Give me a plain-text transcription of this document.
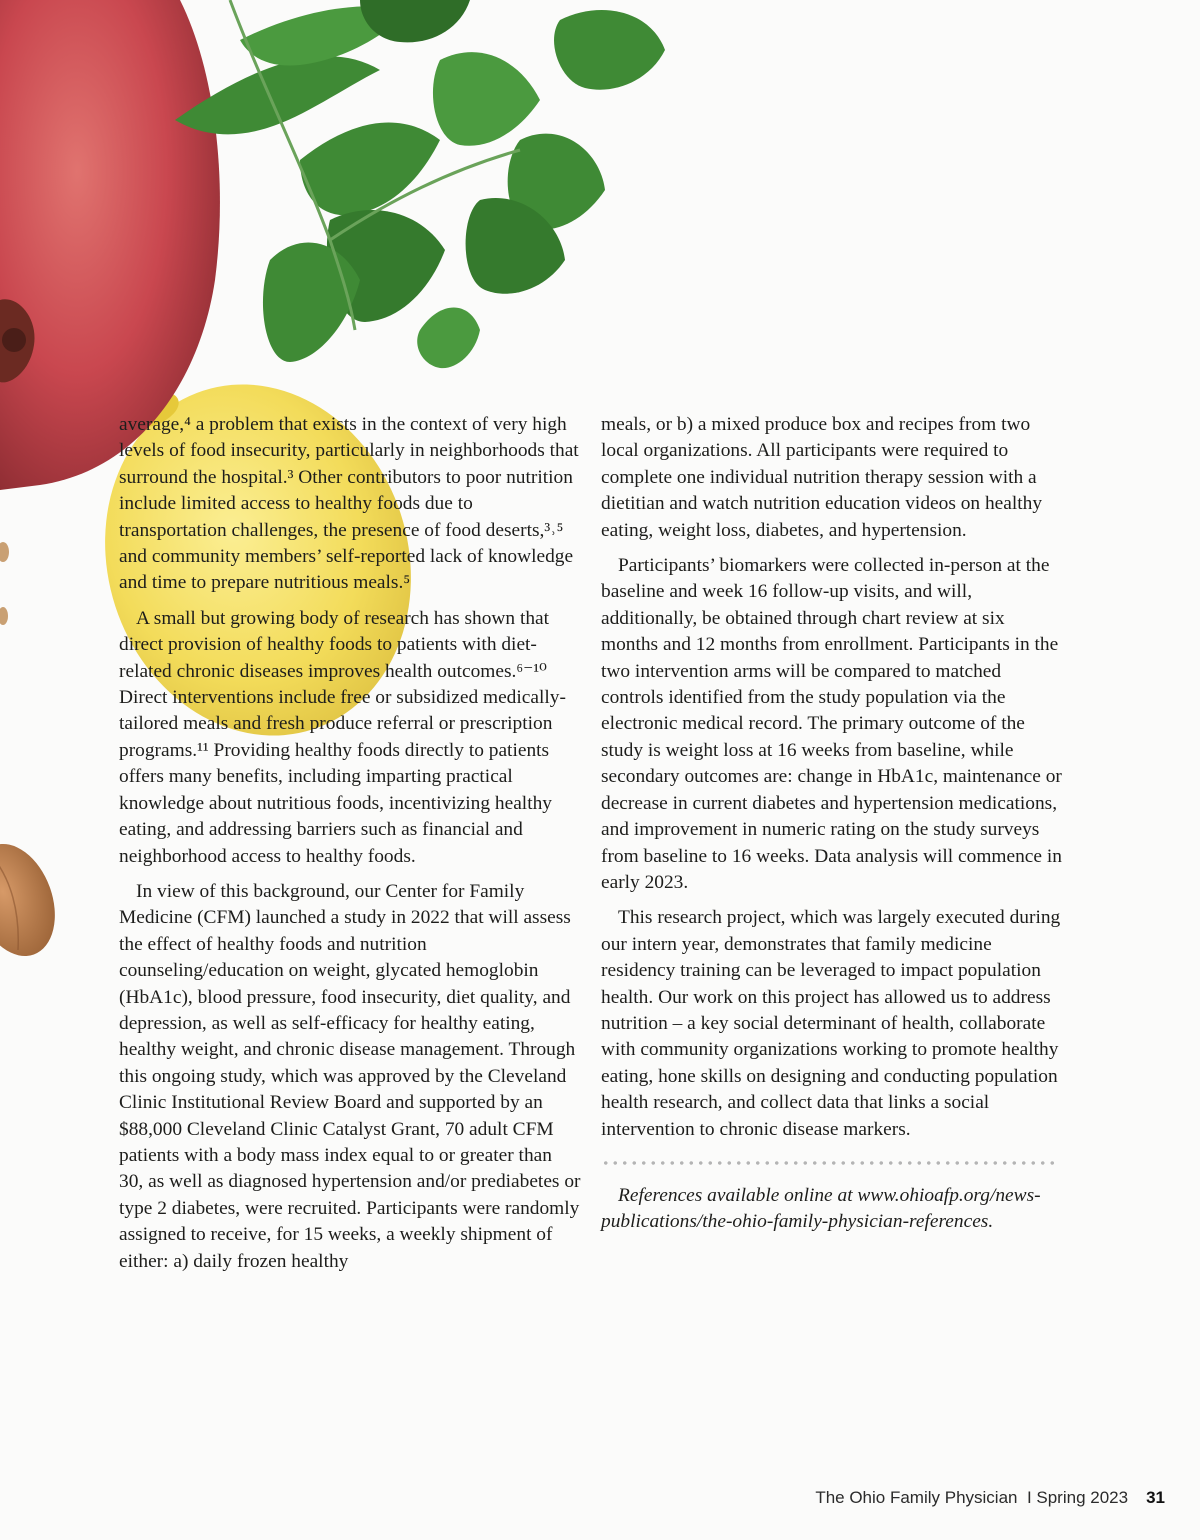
average,⁴ a problem that exists in the context of very high levels of food insecurity, particularly in neighborhoods that surround the hospital.³ Other contributors to poor nutrition include limited access to healthy foods due to transportation challenges, the presence of food deserts,³˒⁵ and community members’ self-reported lack of knowledge and time to prepare nutritious meals.⁵

A small but growing body of research has shown that direct provision of healthy foods to patients with diet-related chronic diseases improves health outcomes.⁶⁻¹⁰ Direct interventions include free or subsidized medically-tailored meals and fresh produce referral or prescription programs.¹¹ Providing healthy foods directly to patients offers many benefits, including imparting practical knowledge about nutritious foods, incentivizing healthy eating, and addressing barriers such as financial and neighborhood access to healthy foods.

In view of this background, our Center for Family Medicine (CFM) launched a study in 2022 that will assess the effect of healthy foods and nutrition counseling/education on weight, glycated hemoglobin (HbA1c), blood pressure, food insecurity, diet quality, and depression, as well as self-efficacy for healthy eating, healthy weight, and chronic disease management. Through this ongoing study, which was approved by the Cleveland Clinic Institutional Review Board and supported by an $88,000 Cleveland Clinic Catalyst Grant, 70 adult CFM patients with a body mass index equal to or greater than 30, as well as diagnosed hypertension and/or prediabetes or type 2 diabetes, were recruited. Participants were randomly assigned to receive, for 15 weeks, a weekly shipment of either: a) daily frozen healthy

meals, or b) a mixed produce box and recipes from two local organizations. All participants were required to complete one individual nutrition therapy session with a dietitian and watch nutrition education videos on healthy eating, weight loss, diabetes, and hypertension.

Participants’ biomarkers were collected in-person at the baseline and week 16 follow-up visits, and will, additionally, be obtained through chart review at six months and 12 months from enrollment. Participants in the two intervention arms will be compared to matched controls identified from the study population via the electronic medical record. The primary outcome of the study is weight loss at 16 weeks from baseline, while secondary outcomes are: change in HbA1c, maintenance or decrease in current diabetes and hypertension medications, and improvement in numeric rating on the study surveys from baseline to 16 weeks. Data analysis will commence in early 2023.

This research project, which was largely executed during our intern year, demonstrates that family medicine residency training can be leveraged to impact population health. Our work on this project has allowed us to address nutrition – a key social determinant of health, collaborate with community organizations working to promote healthy eating, hone skills on designing and conducting population health research, and collect data that links a social intervention to chronic disease markers.

References available online at www.ohioafp.org/news-publications/the-ohio-family-physician-references.

The Ohio Family Physician  I Spring 2023 31
